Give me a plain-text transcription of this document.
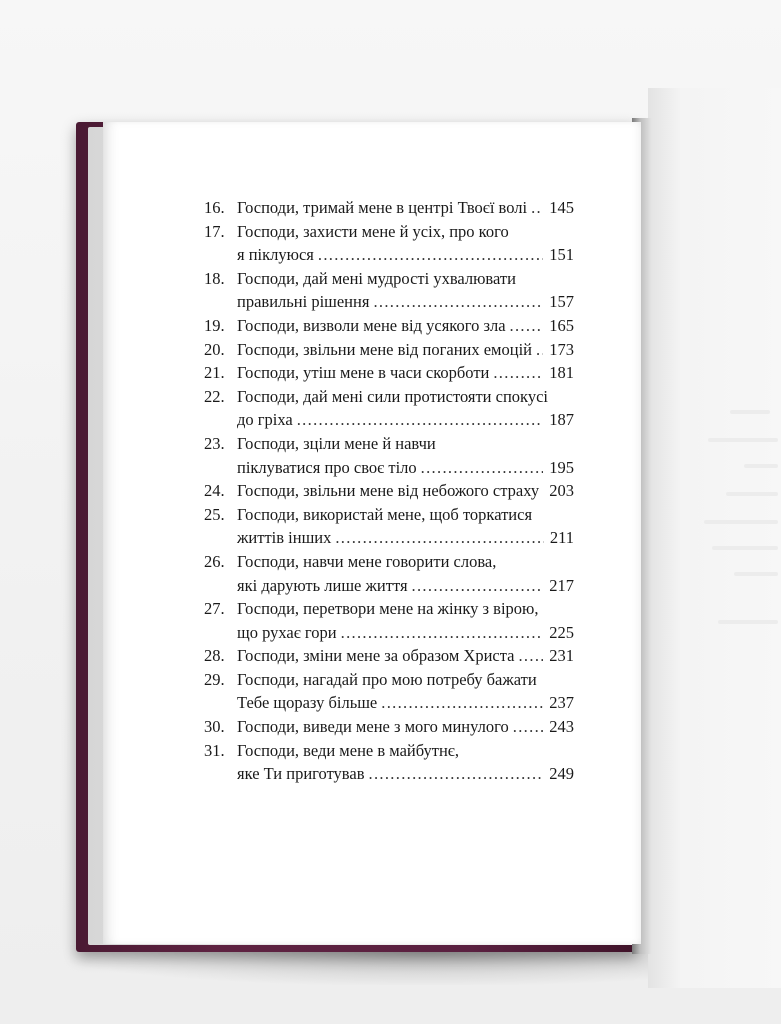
16. Господи, тримай мене в центрі Твоєї волі . . . 145
17. Господи, захисти мене й усіх, про кого
я піклуюся . . .	151
18. Господи, дай мені мудрості ухвалювати
правильні рішення . . .	157
19. Господи, визволи мене від усякого зла . . .	165
20. Господи, звільни мене від поганих емоцій . . . 173
21. Господи, утіш мене в часи скорботи . . .	181
22. Господи, дай мені сили протистояти спокусі
до гріха . . .	187
23. Господи, зціли мене й навчи
піклуватися про своє тіло . . .	195
24. Господи, звільни мене від небожого страху . . . 203
25. Господи, використай мене, щоб торкатися
життів інших . . .	211
26. Господи, навчи мене говорити слова,
які дарують лише життя . . .	217
27. Господи, перетвори мене на жінку з вірою,
що рухає гори . . .	225
28. Господи, зміни мене за образом Христа . . . 231
29. Господи, нагадай про мою потребу бажати
Тебе щоразу більше . . .	237
30. Господи, виведи мене з мого минулого . . . 243
31. Господи, веди мене в майбутнє,
яке Ти приготував . . .	249
